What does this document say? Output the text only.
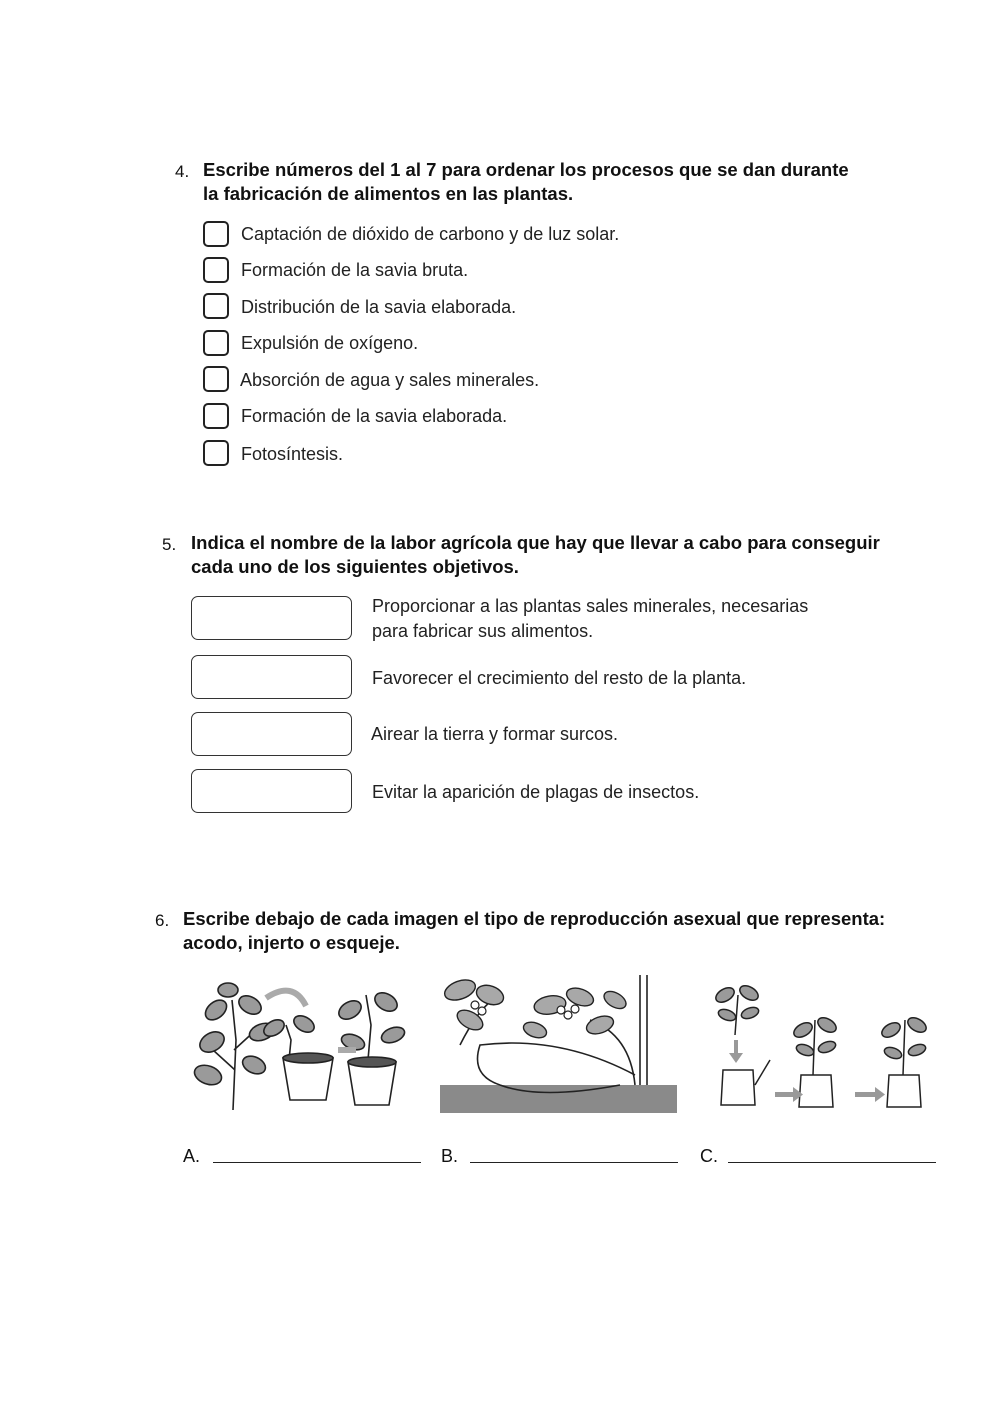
4. Escribe números del 1 al 7 para ordenar los procesos que se dan durante
la fabricación de alimentos en las plantas.
Captación de dióxido de carbono y de luz solar.
Formación de la savia bruta.
Distribución de la savia elaborada.
Expulsión de oxígeno.
Absorción de agua y sales minerales.
Formación de la savia elaborada.
Fotosíntesis.
5. Indica el nombre de la labor agrícola que hay que llevar a cabo para conseguir
cada uno de los siguientes objetivos.
Proporcionar a las plantas sales minerales, necesarias
para fabricar sus alimentos.
Favorecer el crecimiento del resto de la planta.
Airear la tierra y formar surcos.
Evitar la aparición de plagas de insectos.
6. Escribe debajo de cada imagen el tipo de reproducción asexual que representa:
acodo, injerto o esqueje.
A.	B.	C.
